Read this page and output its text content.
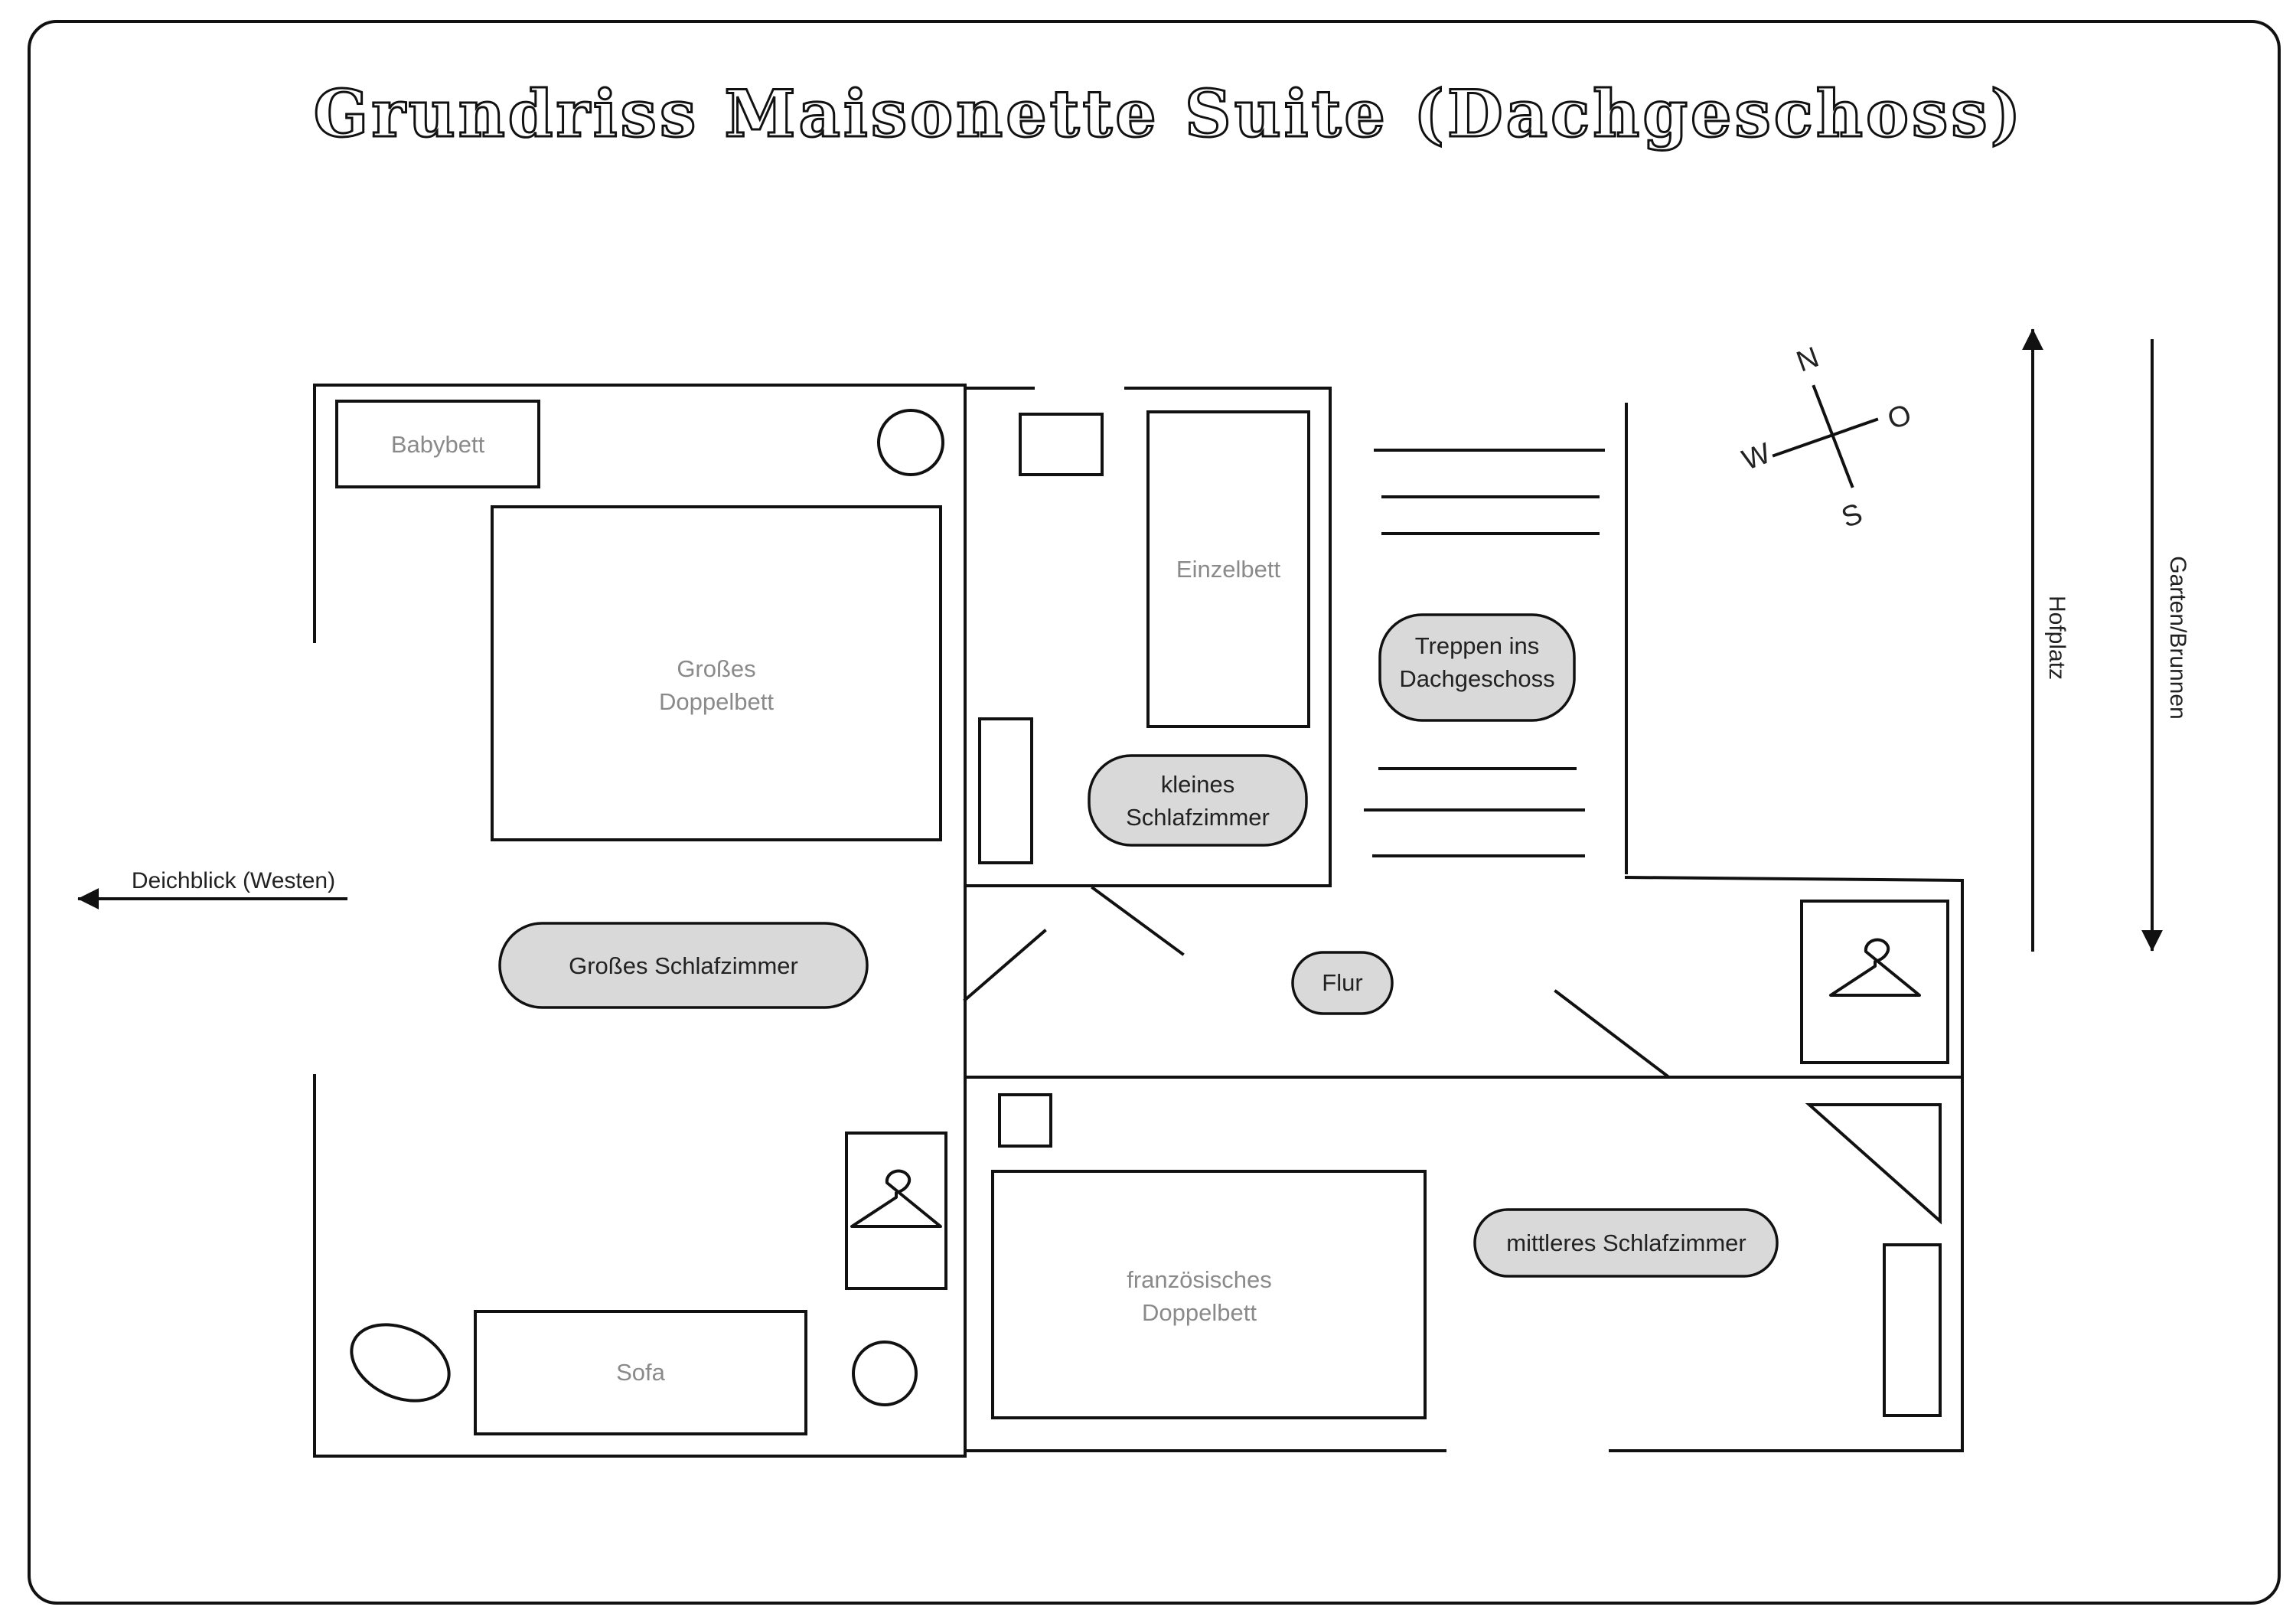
Grundriss Maisonette Suite (Dachgeschoss)
Babybett
Großes
Doppelbett
Sofa
Einzelbett
französisches
Doppelbett
Großes Schlafzimmer
kleines
Schlafzimmer
Flur
Treppen ins
Dachgeschoss
mittleres Schlafzimmer
Deichblick (Westen)
Hofplatz	Garten/Brunnen
N
O
S
W
